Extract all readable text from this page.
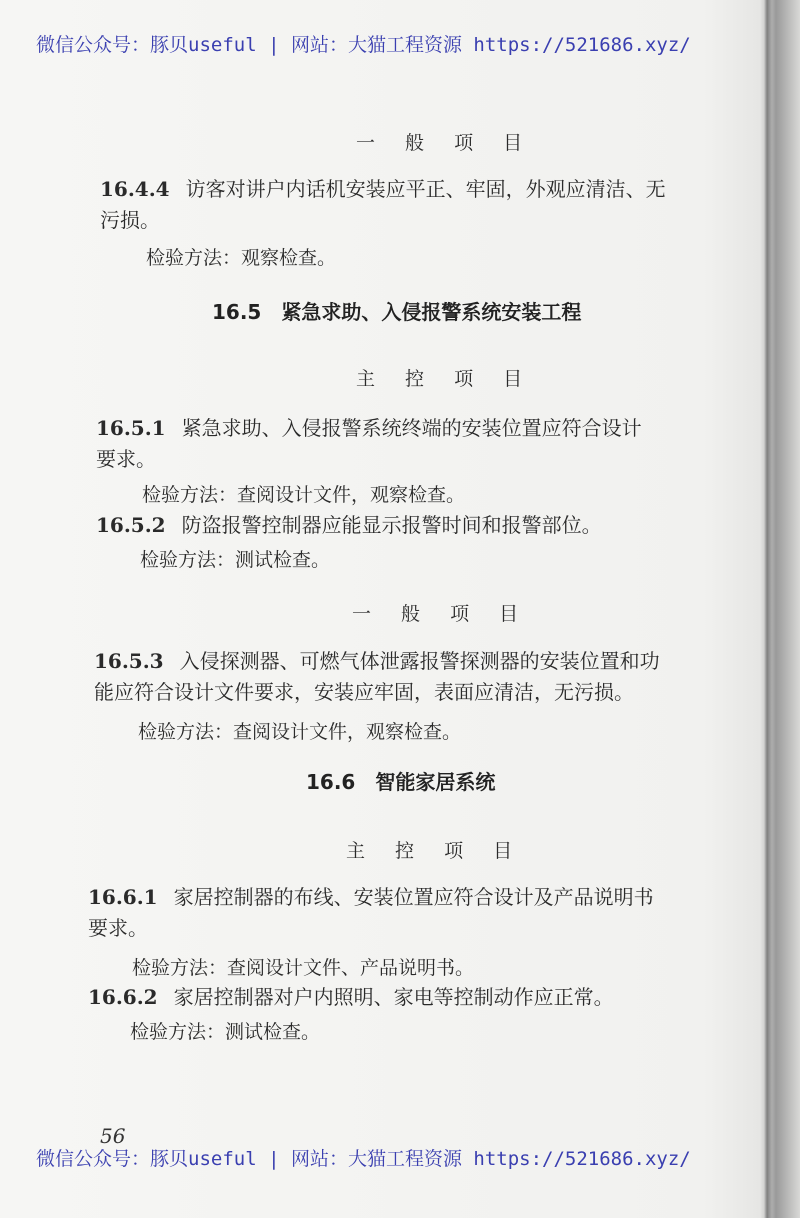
微信公众号：豚贝useful | 网站：大猫工程资源 https://521686.xyz/
一 般 项 目
16.4.4 访客对讲户内话机安装应平正、牢固，外观应清洁、无
污损。
检验方法：观察检查。
16.5　紧急求助、入侵报警系统安装工程
主 控 项 目
16.5.1 紧急求助、入侵报警系统终端的安装位置应符合设计
要求。
检验方法：查阅设计文件，观察检查。
16.5.2 防盗报警控制器应能显示报警时间和报警部位。
检验方法：测试检查。
一 般 项 目
16.5.3 入侵探测器、可燃气体泄露报警探测器的安装位置和功
能应符合设计文件要求，安装应牢固，表面应清洁，无污损。
检验方法：查阅设计文件，观察检查。
16.6　智能家居系统
主 控 项 目
16.6.1 家居控制器的布线、安装位置应符合设计及产品说明书
要求。
检验方法：查阅设计文件、产品说明书。
16.6.2 家居控制器对户内照明、家电等控制动作应正常。
检验方法：测试检查。
56
微信公众号：豚贝useful | 网站：大猫工程资源 https://521686.xyz/
